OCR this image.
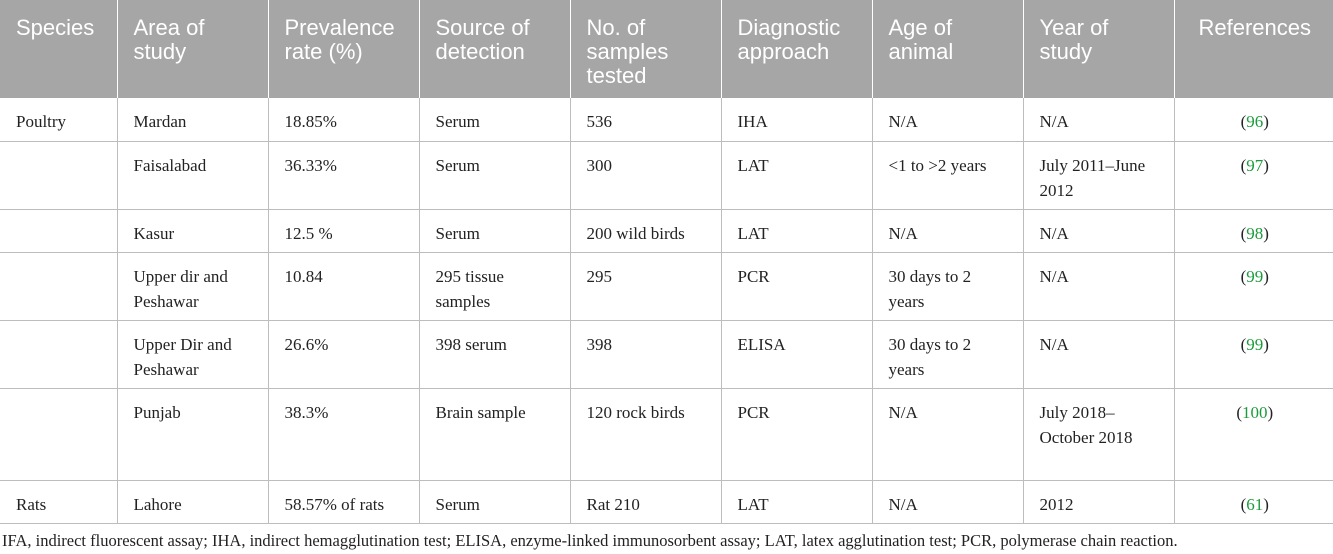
Species	Area of study	Prevalence rate (%)	Source of detection	No. of samples tested	Diagnostic approach	Age of animal	Year of study	References
Poultry	Mardan	18.85%	Serum	536	IHA	N/A	N/A	(96)
	Faisalabad	36.33%	Serum	300	LAT	<1 to >2 years	July 2011–June 2012	(97)
	Kasur	12.5 %	Serum	200 wild birds	LAT	N/A	N/A	(98)
	Upper dir and Peshawar	10.84	295 tissue samples	295	PCR	30 days to 2 years	N/A	(99)
	Upper Dir and Peshawar	26.6%	398 serum	398	ELISA	30 days to 2 years	N/A	(99)
	Punjab	38.3%	Brain sample	120 rock birds	PCR	N/A	July 2018–October 2018	(100)
Rats	Lahore	58.57% of rats	Serum	Rat 210	LAT	N/A	2012	(61)
IFA, indirect fluorescent assay; IHA, indirect hemagglutination test; ELISA, enzyme-linked immunosorbent assay; LAT, latex agglutination test; PCR, polymerase chain reaction.
